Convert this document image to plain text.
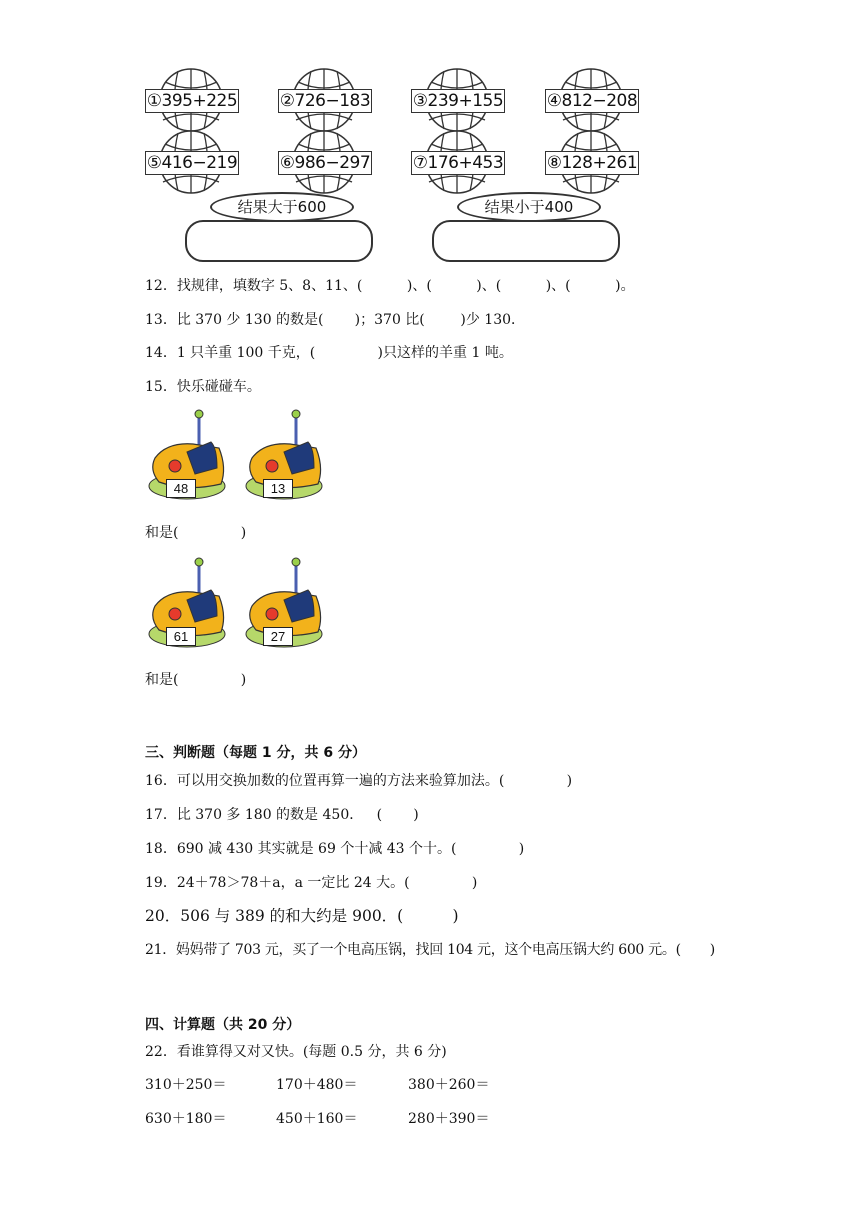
①395+225	②726−183	③239+155	④812−208
⑤416−219	⑥986−297	⑦176+453	⑧128+261
结果大于600	结果小于400
12．找规律，填数字 5、8、11、(          )、(          )、(          )、(          )。
13．比 370 少 130 的数是(       )；370 比(        )少 130．
14．1 只羊重 100 千克，(              )只这样的羊重 1 吨。
15．快乐碰碰车。
48	13
和是(              )
61	27
和是(              )
三、判断题（每题 1 分，共 6 分）
16．可以用交换加数的位置再算一遍的方法来验算加法。(              )
17．比 370 多 180 的数是 450．   (       )
18．690 减 430 其实就是 69 个十减 43 个十。(              )
19．24＋78＞78＋a，a 一定比 24 大。(              )
20．506 与 389 的和大约是 900．(          )
21．妈妈带了 703 元，买了一个电高压锅，找回 104 元，这个电高压锅大约 600 元。(       )
四、计算题（共 20 分）
22．看谁算得又对又快。(每题 0.5 分，共 6 分)
310＋250＝	170＋480＝	380＋260＝
630＋180＝	450＋160＝	280＋390＝
